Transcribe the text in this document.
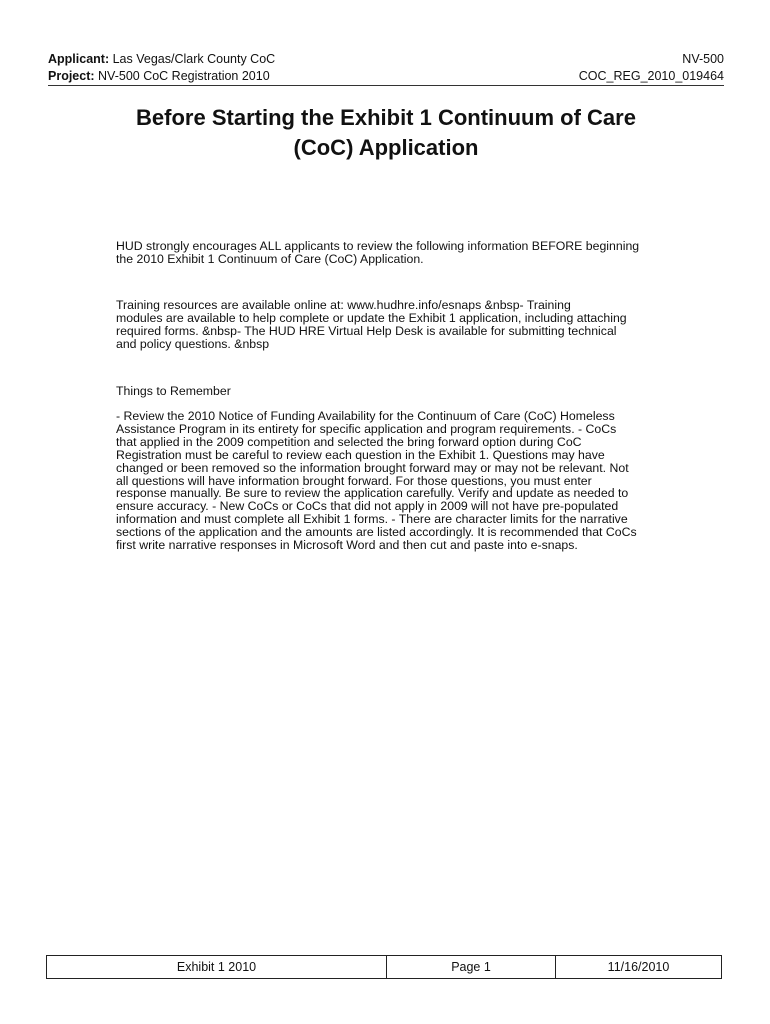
Applicant: Las Vegas/Clark County CoC
Project: NV-500 CoC Registration 2010
NV-500
COC_REG_2010_019464
Before Starting the Exhibit 1 Continuum of Care
(CoC) Application
HUD strongly encourages ALL applicants to review the following information BEFORE beginning
the 2010 Exhibit 1 Continuum of Care (CoC) Application.
Training resources are available online at: www.hudhre.info/esnaps &nbsp- Training
modules are available to help complete or update the Exhibit 1 application, including attaching
required forms. &nbsp- The HUD HRE Virtual Help Desk is available for submitting technical
and policy questions. &nbsp
Things to Remember
- Review the 2010 Notice of Funding Availability for the Continuum of Care (CoC) Homeless
Assistance Program in its entirety for specific application and program requirements. - CoCs
that applied in the 2009 competition and selected the bring forward option during CoC
Registration must be careful to review each question in the Exhibit 1. Questions may have
changed or been removed so the information brought forward may or may not be relevant. Not
all questions will have information brought forward. For those questions, you must enter
response manually. Be sure to review the application carefully. Verify and update as needed to
ensure accuracy. - New CoCs or CoCs that did not apply in 2009 will not have pre-populated
information and must complete all Exhibit 1 forms. - There are character limits for the narrative
sections of the application and the amounts are listed accordingly. It is recommended that CoCs
first write narrative responses in Microsoft Word and then cut and paste into e-snaps.
Exhibit 1 2010	Page 1	11/16/2010
